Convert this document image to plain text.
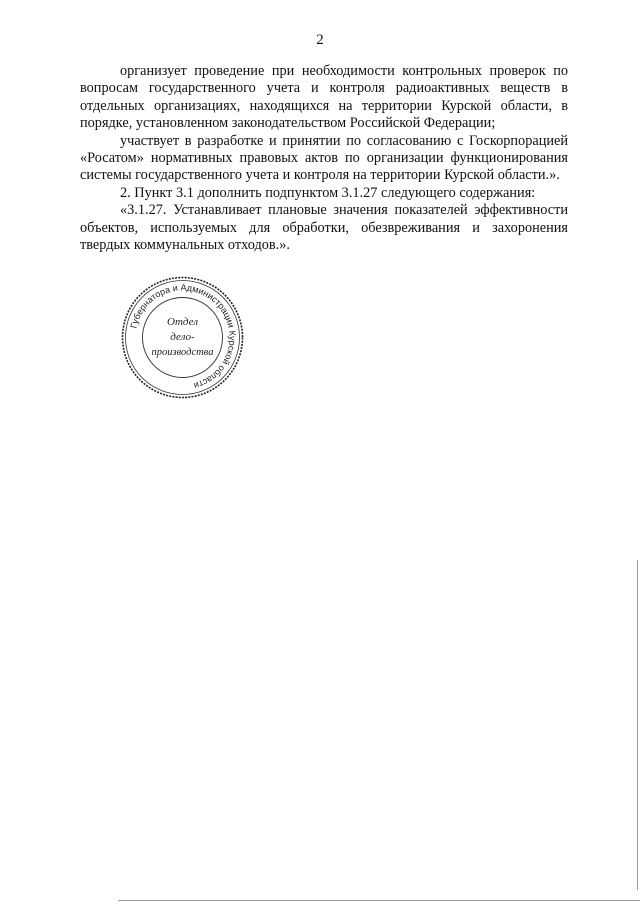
2

организует проведение при необходимости контрольных проверок по вопросам государственного учета и контроля радиоактивных веществ в отдельных организациях, находящихся на территории Курской области, в порядке, установленном законодательством Российской Федерации;

участвует в разработке и принятии по согласованию с Госкорпорацией «Росатом» нормативных правовых актов по организации функционирования системы государственного учета и контроля на территории Курской области.».

2. Пункт 3.1 дополнить подпунктом 3.1.27 следующего содержания:

«3.1.27. Устанавливает плановые значения показателей эффективности объектов, используемых для обработки, обезвреживания и захоронения твердых коммунальных отходов.».

Губернатора и Администрации Курской области
Отдел
дело-
производства
